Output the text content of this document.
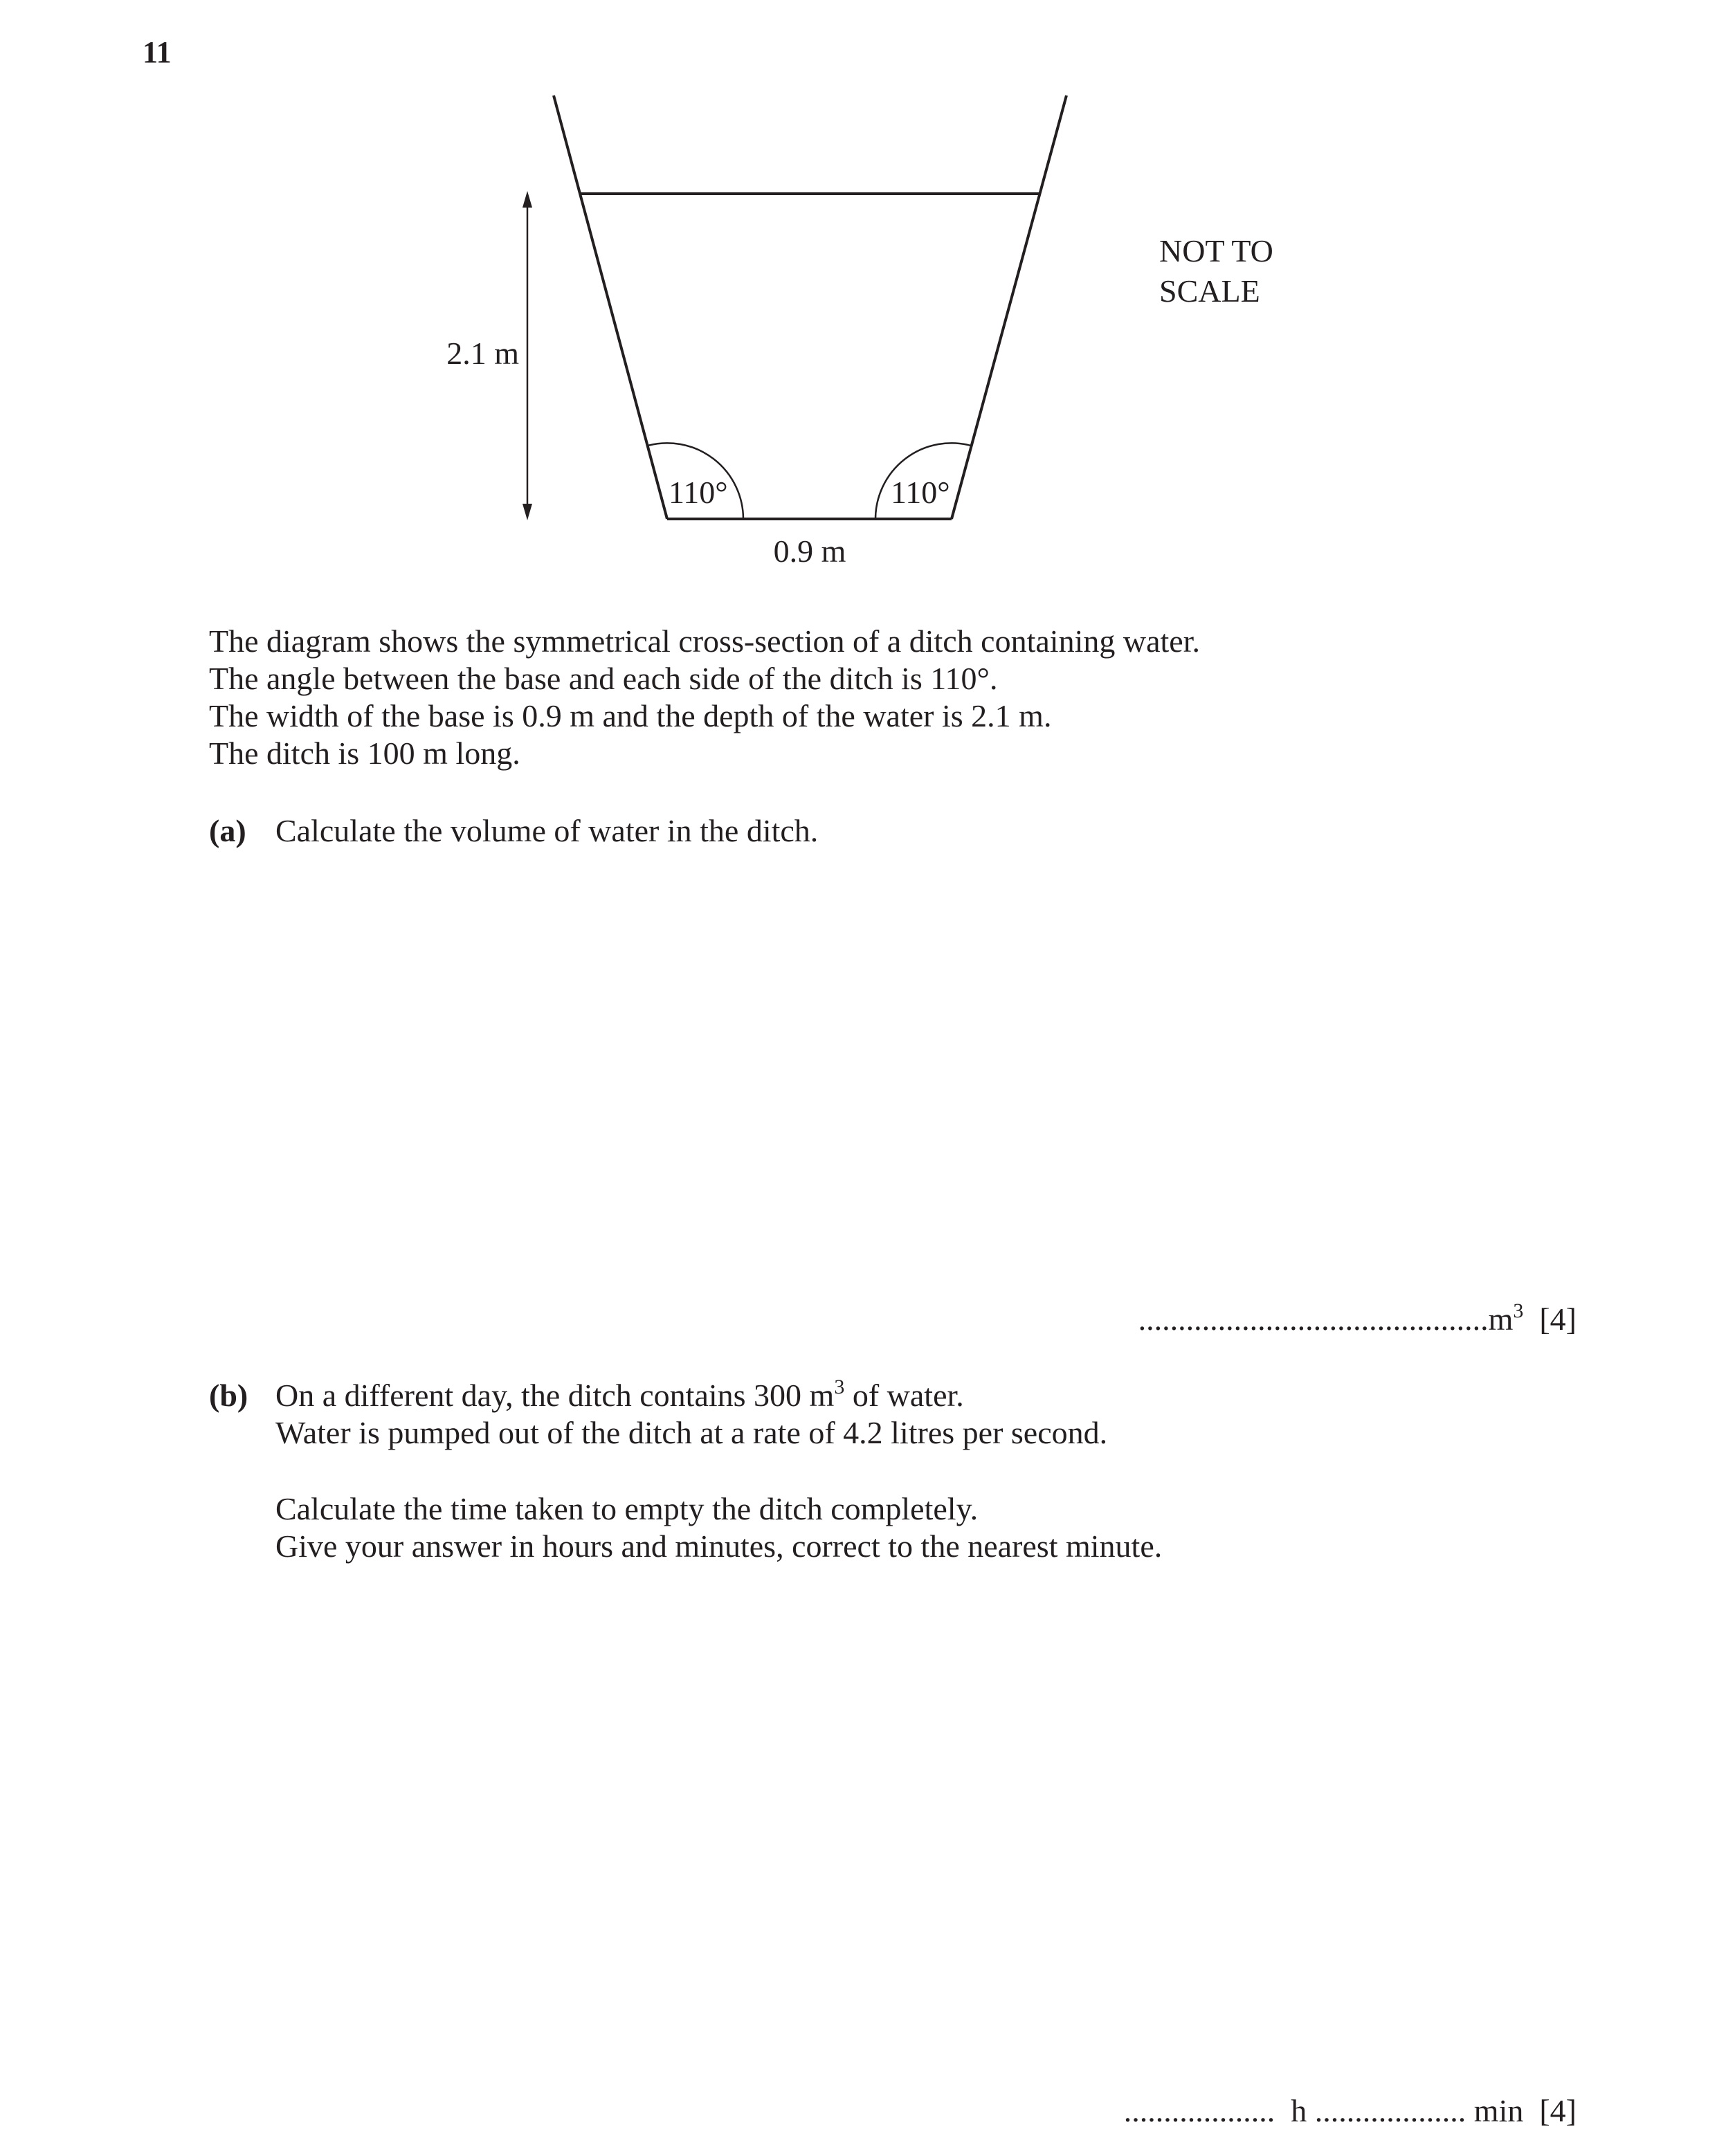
11
2.1 m
0.9 m
110°	110°
NOT TO
SCALE
The diagram shows the symmetrical cross-section of a ditch containing water.
The angle between the base and each side of the ditch is 110°.
The width of the base is 0.9 m and the depth of the water is 2.1 m.
The ditch is 100 m long.
(a) Calculate the volume of water in the ditch.
$............................................m^3$ [4]
(b) On a different day, the ditch contains 300 $m^3$ of water.
Water is pumped out of the ditch at a rate of 4.2 litres per second.
Calculate the time taken to empty the ditch completely.
Give your answer in hours and minutes, correct to the nearest minute.
................... h ................... min [4]
